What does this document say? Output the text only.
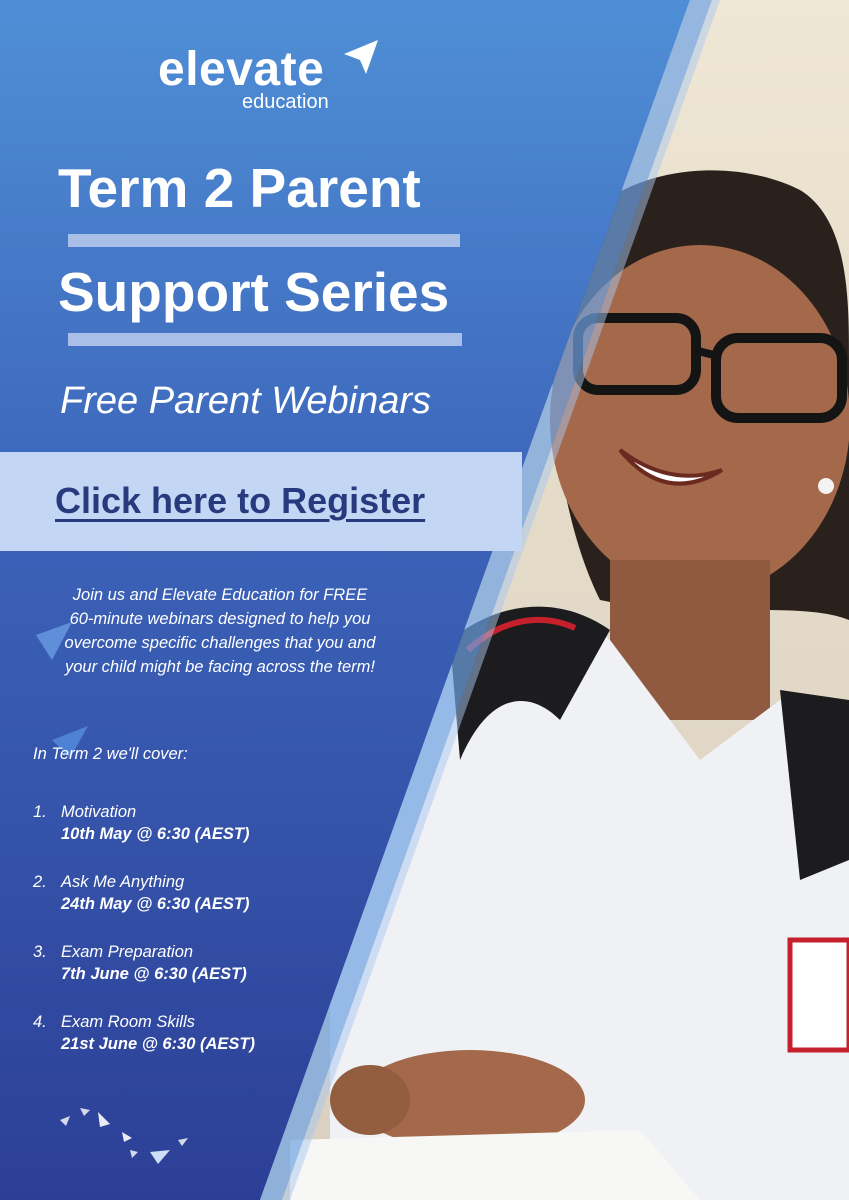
elevate
education
Term 2 Parent
Support Series
Free Parent Webinars
Click here to Register

Join us and Elevate Education for FREE 60-minute webinars designed to help you overcome specific challenges that you and your child might be facing across the term!

In Term 2 we'll cover:
1. Motivation
10th May @ 6:30 (AEST)
2. Ask Me Anything
24th May @ 6:30 (AEST)
3. Exam Preparation
7th June @ 6:30 (AEST)
4. Exam Room Skills
21st June @ 6:30 (AEST)
